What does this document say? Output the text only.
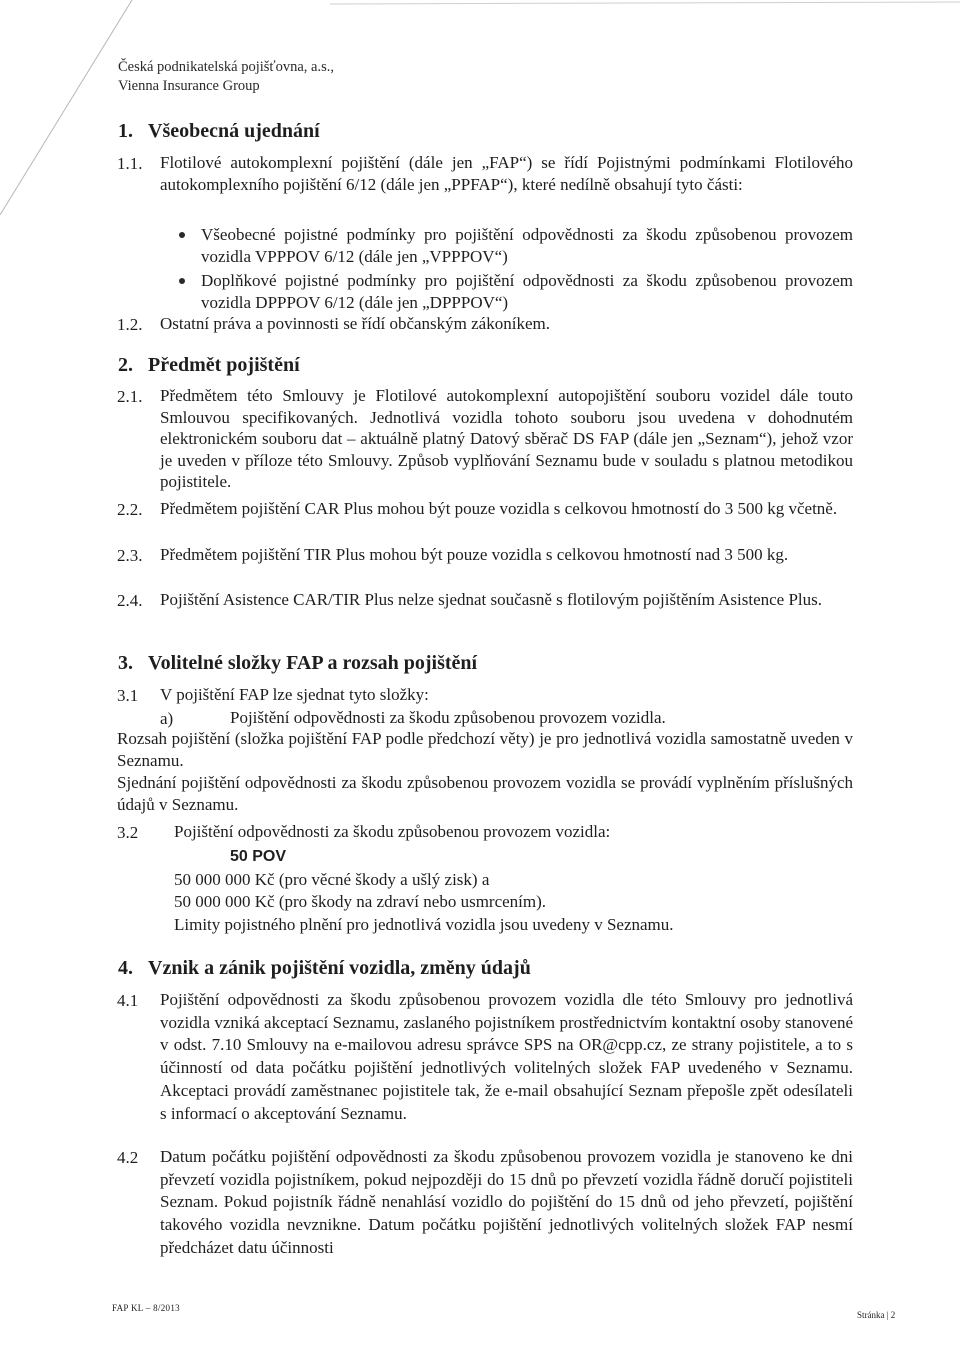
Česká podnikatelská pojišťovna, a.s.,
Vienna Insurance Group
1. Všeobecná ujednání
1.1. Flotilové autokomplexní pojištění (dále jen „FAP“) se řídí Pojistnými podmínkami Flotilového autokomplexního pojištění 6/12 (dále jen „PPFAP“), které nedílně obsahují tyto části:
Všeobecné pojistné podmínky pro pojištění odpovědnosti za škodu způsobenou provozem vozidla VPPPOV 6/12 (dále jen „VPPPOV“)
Doplňkové pojistné podmínky pro pojištění odpovědnosti za škodu způsobenou provozem vozidla DPPPOV 6/12 (dále jen „DPPPOV“)
1.2. Ostatní práva a povinnosti se řídí občanským zákoníkem.
2. Předmět pojištění
2.1. Předmětem této Smlouvy je Flotilové autokomplexní autopojištění souboru vozidel dále touto Smlouvou specifikovaných. Jednotlivá vozidla tohoto souboru jsou uvedena v dohodnutém elektronickém souboru dat – aktuálně platný Datový sběrač DS FAP (dále jen „Seznam“), jehož vzor je uveden v příloze této Smlouvy. Způsob vyplňování Seznamu bude v souladu s platnou metodikou pojistitele.
2.2. Předmětem pojištění CAR Plus mohou být pouze vozidla s celkovou hmotností do 3 500 kg včetně.
2.3. Předmětem pojištění TIR Plus mohou být pouze vozidla s celkovou hmotností nad 3 500 kg.
2.4. Pojištění Asistence CAR/TIR Plus nelze sjednat současně s flotilovým pojištěním Asistence Plus.
3. Volitelné složky FAP a rozsah pojištění
3.1 V pojištění FAP lze sjednat tyto složky:
a)	Pojištění odpovědnosti za škodu způsobenou provozem vozidla.
Rozsah pojištění (složka pojištění FAP podle předchozí věty) je pro jednotlivá vozidla samostatně uveden v Seznamu.
Sjednání pojištění odpovědnosti za škodu způsobenou provozem vozidla se provádí vyplněním příslušných údajů v Seznamu.
3.2 Pojištění odpovědnosti za škodu způsobenou provozem vozidla:
50 POV
50 000 000 Kč (pro věcné škody a ušlý zisk) a
50 000 000 Kč (pro škody na zdraví nebo usmrcením).
Limity pojistného plnění pro jednotlivá vozidla jsou uvedeny v Seznamu.
4. Vznik a zánik pojištění vozidla, změny údajů
4.1 Pojištění odpovědnosti za škodu způsobenou provozem vozidla dle této Smlouvy pro jednotlivá vozidla vzniká akceptací Seznamu, zaslaného pojistníkem prostřednictvím kontaktní osoby stanovené v odst. 7.10 Smlouvy na e-mailovou adresu správce SPS na OR@cpp.cz, ze strany pojistitele, a to s účinností od data počátku pojištění jednotlivých volitelných složek FAP uvedeného v Seznamu. Akceptaci provádí zaměstnanec pojistitele tak, že e-mail obsahující Seznam přepošle zpět odesílateli s informací o akceptování Seznamu.
4.2 Datum počátku pojištění odpovědnosti za škodu způsobenou provozem vozidla je stanoveno ke dni převzetí vozidla pojistníkem, pokud nejpozději do 15 dnů po převzetí vozidla řádně doručí pojistiteli Seznam. Pokud pojistník řádně nenahlásí vozidlo do pojištění do 15 dnů od jeho převzetí, pojištění takového vozidla nevznikne. Datum počátku pojištění jednotlivých volitelných složek FAP nesmí předcházet datu účinnosti
FAP KL – 8/2013
Stránka | 2
